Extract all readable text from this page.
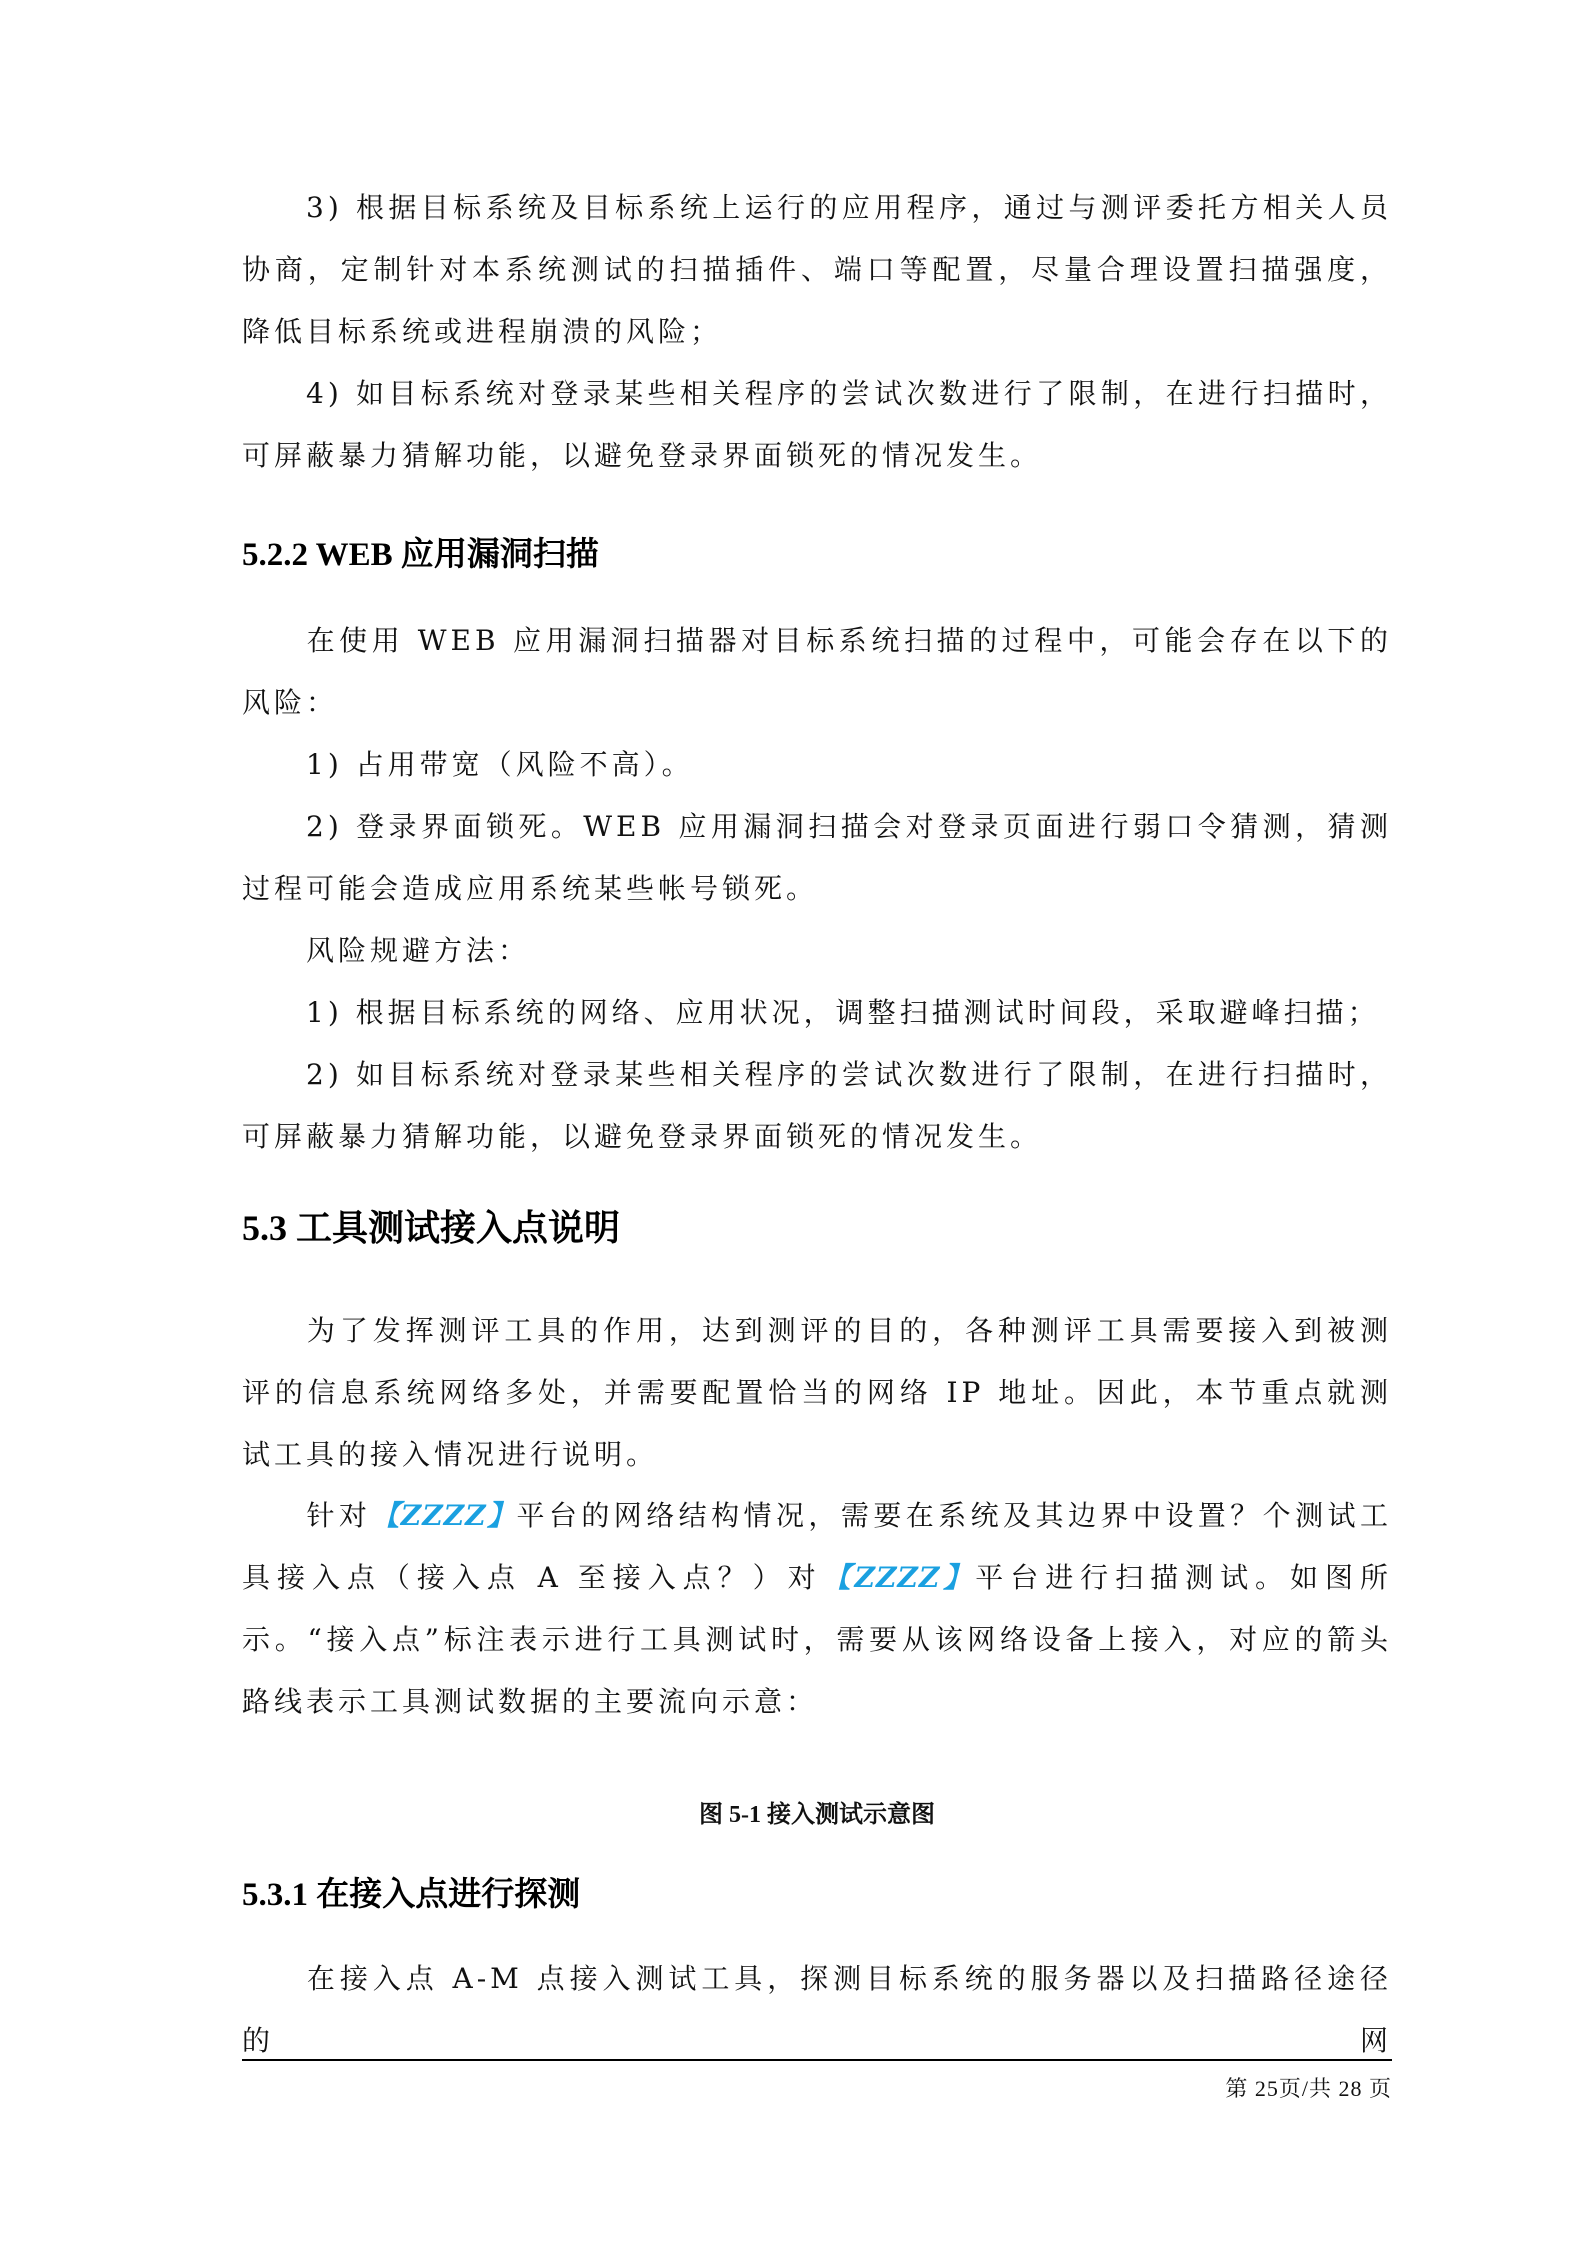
3) 根据目标系统及目标系统上运行的应用程序，通过与测评委托方相关人员协商，定制针对本系统测试的扫描插件、端口等配置，尽量合理设置扫描强度，降低目标系统或进程崩溃的风险；
4) 如目标系统对登录某些相关程序的尝试次数进行了限制，在进行扫描时，可屏蔽暴力猜解功能，以避免登录界面锁死的情况发生。
5.2.2 WEB 应用漏洞扫描
在使用 WEB 应用漏洞扫描器对目标系统扫描的过程中，可能会存在以下的风险：
1) 占用带宽（风险不高）。
2) 登录界面锁死。WEB 应用漏洞扫描会对登录页面进行弱口令猜测，猜测过程可能会造成应用系统某些帐号锁死。
风险规避方法：
1) 根据目标系统的网络、应用状况，调整扫描测试时间段，采取避峰扫描；
2) 如目标系统对登录某些相关程序的尝试次数进行了限制，在进行扫描时，可屏蔽暴力猜解功能，以避免登录界面锁死的情况发生。
5.3 工具测试接入点说明
为了发挥测评工具的作用，达到测评的目的，各种测评工具需要接入到被测评的信息系统网络多处，并需要配置恰当的网络 IP 地址。因此，本节重点就测试工具的接入情况进行说明。
针对【ZZZZ】平台的网络结构情况，需要在系统及其边界中设置？个测试工具接入点（接入点 A 至接入点？）对【ZZZZ】平台进行扫描测试。如图所示。“接入点”标注表示进行工具测试时，需要从该网络设备上接入，对应的箭头路线表示工具测试数据的主要流向示意：
图 5-1 接入测试示意图
5.3.1 在接入点进行探测
在接入点 A-M 点接入测试工具，探测目标系统的服务器以及扫描路径途径的网
第 25页/共 28 页
